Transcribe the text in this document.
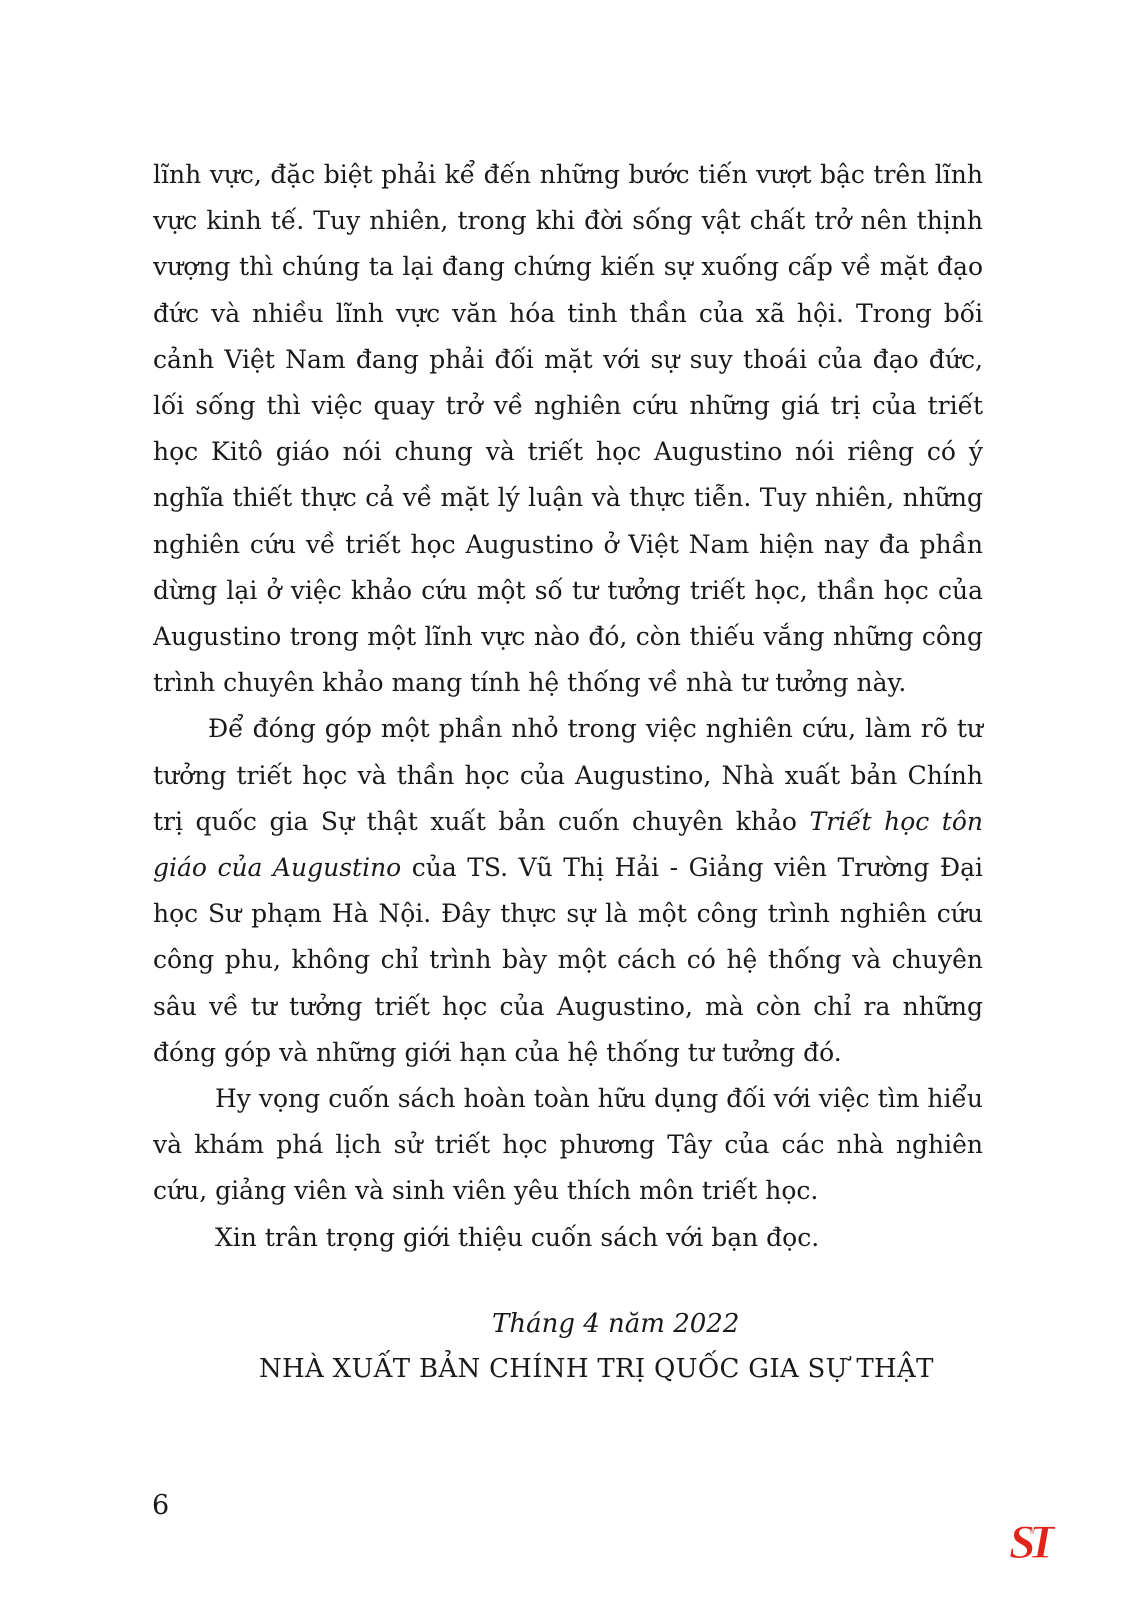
lĩnh vực, đặc biệt phải kể đến những bước tiến vượt bậc trên lĩnh vực kinh tế. Tuy nhiên, trong khi đời sống vật chất trở nên thịnh vượng thì chúng ta lại đang chứng kiến sự xuống cấp về mặt đạo đức và nhiều lĩnh vực văn hóa tinh thần của xã hội. Trong bối cảnh Việt Nam đang phải đối mặt với sự suy thoái của đạo đức, lối sống thì việc quay trở về nghiên cứu những giá trị của triết học Kitô giáo nói chung và triết học Augustino nói riêng có ý nghĩa thiết thực cả về mặt lý luận và thực tiễn. Tuy nhiên, những nghiên cứu về triết học Augustino ở Việt Nam hiện nay đa phần dừng lại ở việc khảo cứu một số tư tưởng triết học, thần học của Augustino trong một lĩnh vực nào đó, còn thiếu vắng những công trình chuyên khảo mang tính hệ thống về nhà tư tưởng này.

Để đóng góp một phần nhỏ trong việc nghiên cứu, làm rõ tư tưởng triết học và thần học của Augustino, Nhà xuất bản Chính trị quốc gia Sự thật xuất bản cuốn chuyên khảo Triết học tôn giáo của Augustino của TS. Vũ Thị Hải - Giảng viên Trường Đại học Sư phạm Hà Nội. Đây thực sự là một công trình nghiên cứu công phu, không chỉ trình bày một cách có hệ thống và chuyên sâu về tư tưởng triết học của Augustino, mà còn chỉ ra những đóng góp và những giới hạn của hệ thống tư tưởng đó.

Hy vọng cuốn sách hoàn toàn hữu dụng đối với việc tìm hiểu và khám phá lịch sử triết học phương Tây của các nhà nghiên cứu, giảng viên và sinh viên yêu thích môn triết học.

Xin trân trọng giới thiệu cuốn sách với bạn đọc.

Tháng 4 năm 2022
NHÀ XUẤT BẢN CHÍNH TRỊ QUỐC GIA SỰ THẬT
6
ST
